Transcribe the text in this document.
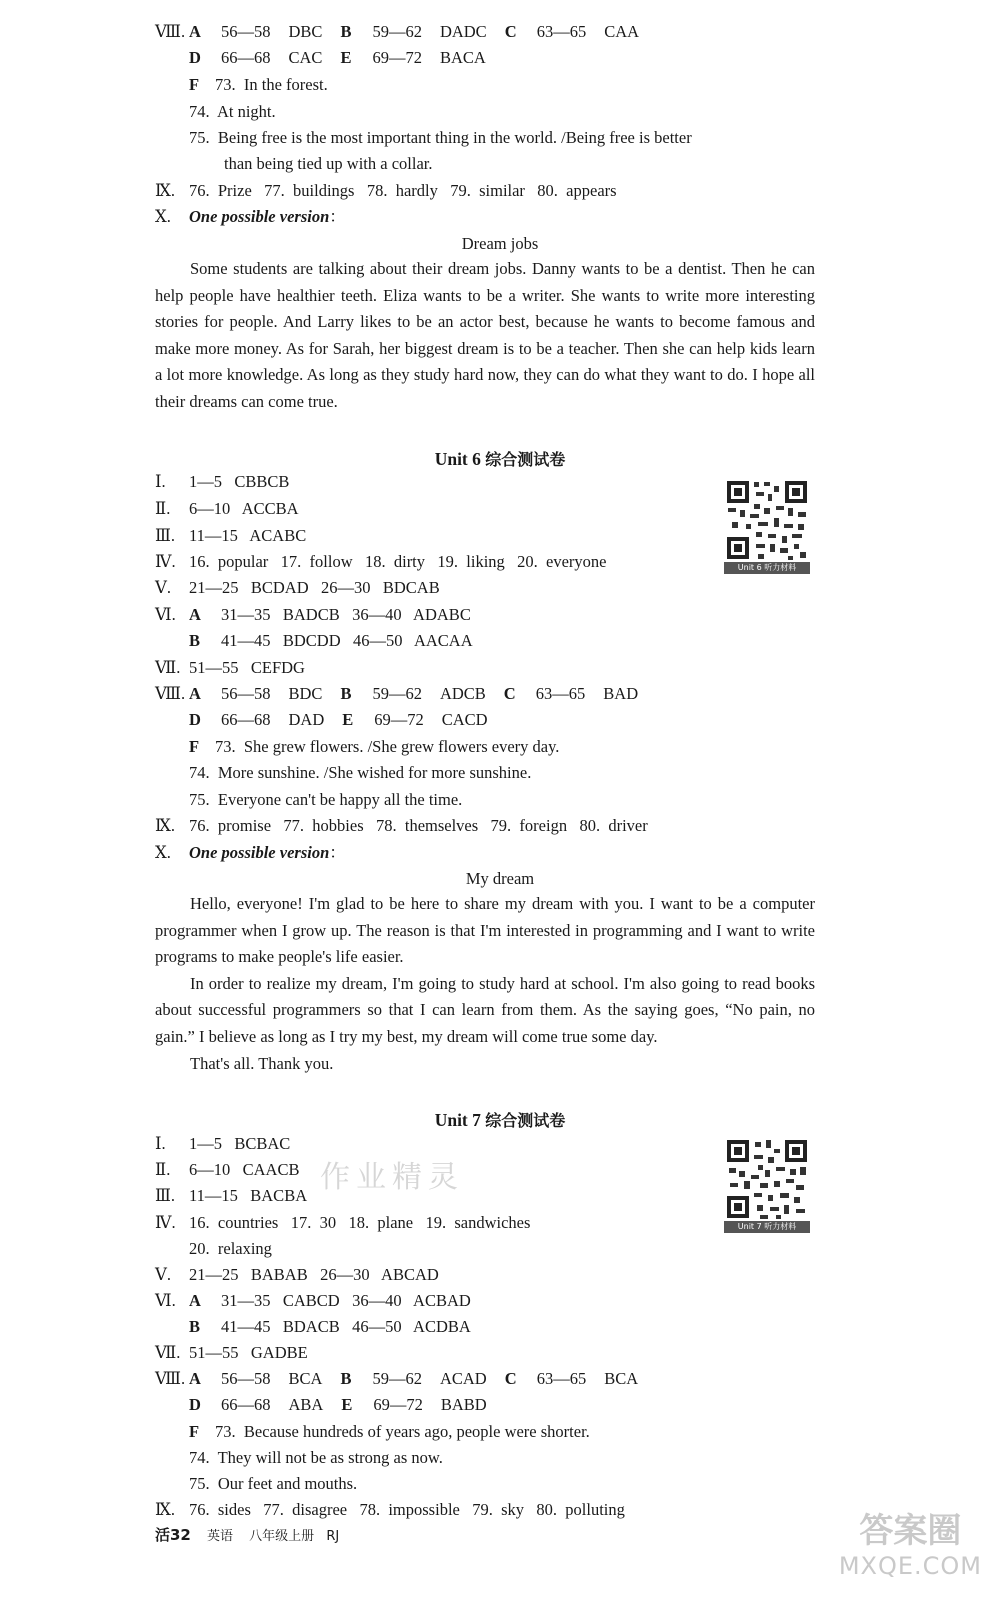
Ⅷ. A 56—58 DBC B 59—62 DADC C 63—65 CAA
D 66—68 CAC E 69—72 BACA
F 73.  In the forest.
74.  At night.
75.  Being free is the most important thing in the world. /Being free is better
than being tied up with a collar.
Ⅸ. 76.  Prize   77.  buildings   78.  hardly   79.  similar   80.  appears
Ⅹ. One possible version：
Dream jobs

Some students are talking about their dream jobs. Danny wants to be a dentist. Then he can help people have healthier teeth. Eliza wants to be a writer. She wants to write more interesting stories for people. And Larry likes to be an actor best, because he wants to become famous and make more money. As for Sarah, her biggest dream is to be a teacher. Then she can help kids learn a lot more knowledge. As long as they study hard now, they can do what they want to do. I hope all their dreams can come true.

Unit 6 综合测试卷
Unit 6 听力材料
Ⅰ. 1—5   CBBCB
Ⅱ. 6—10   ACCBA
Ⅲ. 11—15   ACABC
Ⅳ. 16.  popular   17.  follow   18.  dirty   19.  liking   20.  everyone
Ⅴ. 21—25   BCDAD   26—30   BDCAB
Ⅵ. A 31—35   BADCB   36—40   ADABC
B 41—45   BDCDD   46—50   AACAA
Ⅶ. 51—55   CEFDG
Ⅷ. A 56—58 BDC B 59—62 ADCB C 63—65 BAD
D 66—68 DAD E 69—72 CACD
F 73.  She grew flowers. /She grew flowers every day.
74.  More sunshine. /She wished for more sunshine.
75.  Everyone can't be happy all the time.
Ⅸ. 76.  promise   77.  hobbies   78.  themselves   79.  foreign   80.  driver
Ⅹ. One possible version：
My dream

Hello, everyone! I'm glad to be here to share my dream with you. I want to be a computer programmer when I grow up. The reason is that I'm interested in programming and I want to write programs to make people's life easier.

In order to realize my dream, I'm going to study hard at school. I'm also going to read books about successful programmers so that I can learn from them. As the saying goes, “No pain, no gain.” I believe as long as I try my best, my dream will come true some day.

That's all. Thank you.

Unit 7 综合测试卷
Unit 7 听力材料
作业精灵
Ⅰ. 1—5   BCBAC
Ⅱ. 6—10   CAACB
Ⅲ. 11—15   BACBA
Ⅳ. 16.  countries   17.  30   18.  plane   19.  sandwiches
20.  relaxing
Ⅴ. 21—25   BABAB   26—30   ABCAD
Ⅵ. A 31—35   CABCD   36—40   ACBAD
B 41—45   BDACB   46—50   ACDBA
Ⅶ. 51—55   GADBE
Ⅷ. A 56—58 BCA B 59—62 ACAD C 63—65 BCA
D 66—68 ABA E 69—72 BABD
F 73.  Because hundreds of years ago, people were shorter.
74.  They will not be as strong as now.
75.  Our feet and mouths.
Ⅸ. 76.  sides   77.  disagree   78.  impossible   79.  sky   80.  polluting
活32 英语 八年级上册 RJ	答案圈
MXQE.COM
